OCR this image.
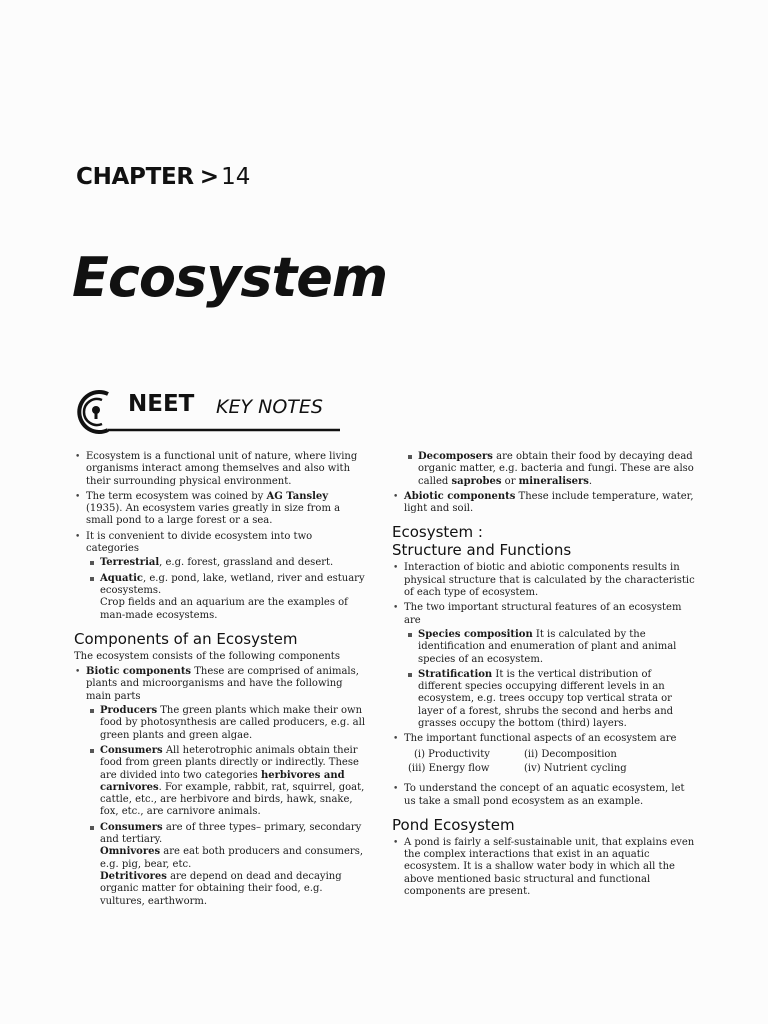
CHAPTER >14
Ecosystem
NEET KEY NOTES
• Ecosystem is a functional unit of nature, where living organisms interact among themselves and also with their surrounding physical environment.
• The term ecosystem was coined by AG Tansley (1935). An ecosystem varies greatly in size from a small pond to a large forest or a sea.
• It is convenient to divide ecosystem into two categories
Terrestrial, e.g. forest, grassland and desert.
Aquatic, e.g. pond, lake, wetland, river and estuary ecosystems.
Crop fields and an aquarium are the examples of man-made ecosystems.
Components of an Ecosystem
The ecosystem consists of the following components
• Biotic components These are comprised of animals, plants and microorganisms and have the following main parts
Producers The green plants which make their own food by photosynthesis are called producers, e.g. all green plants and green algae.
Consumers All heterotrophic animals obtain their food from green plants directly or indirectly. These are divided into two categories herbivores and carnivores. For example, rabbit, rat, squirrel, goat, cattle, etc., are herbivore and birds, hawk, snake, fox, etc., are carnivore animals.
Consumers are of three types– primary, secondary and tertiary.
Omnivores are eat both producers and consumers, e.g. pig, bear, etc.
Detritivores are depend on dead and decaying organic matter for obtaining their food, e.g. vultures, earthworm.
Decomposers are obtain their food by decaying dead organic matter, e.g. bacteria and fungi. These are also called saprobes or mineralisers.
• Abiotic components These include temperature, water, light and soil.
Ecosystem :
Structure and Functions
• Interaction of biotic and abiotic components results in physical structure that is calculated by the characteristic of each type of ecosystem.
• The two important structural features of an ecosystem are
Species composition It is calculated by the identification and enumeration of plant and animal species of an ecosystem.
Stratification It is the vertical distribution of different species occupying different levels in an ecosystem, e.g. trees occupy top vertical strata or layer of a forest, shrubs the second and herbs and grasses occupy the bottom (third) layers.
• The important functional aspects of an ecosystem are
(i) Productivity	(ii) Decomposition
(iii) Energy flow	(iv) Nutrient cycling
• To understand the concept of an aquatic ecosystem, let us take a small pond ecosystem as an example.
Pond Ecosystem
• A pond is fairly a self-sustainable unit, that explains even the complex interactions that exist in an aquatic ecosystem. It is a shallow water body in which all the above mentioned basic structural and functional components are present.
